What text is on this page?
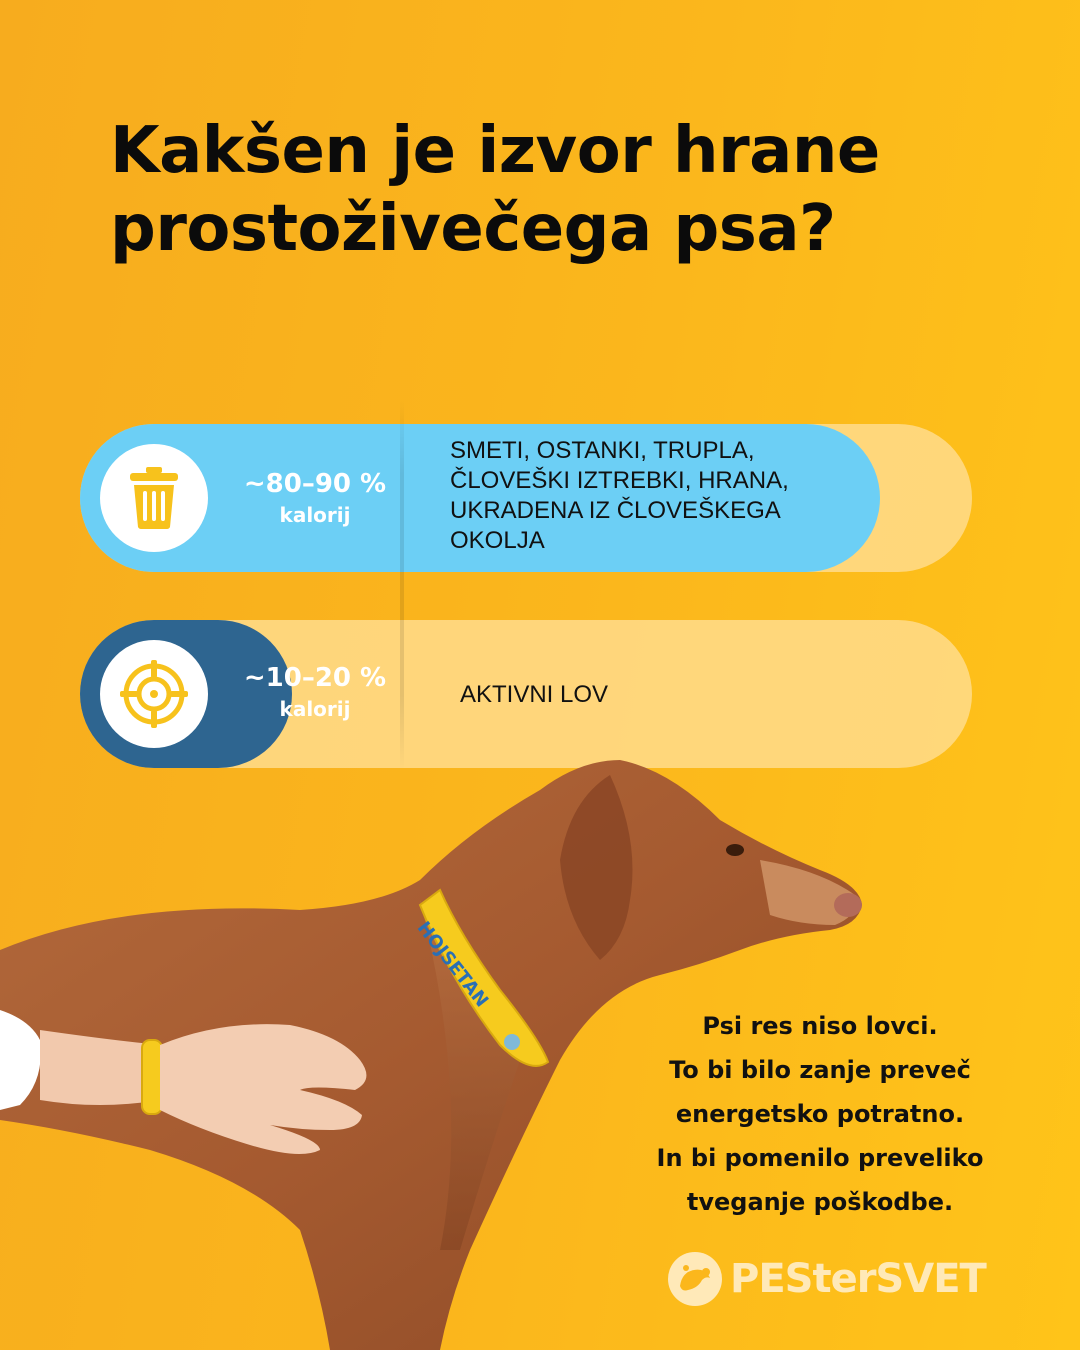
Kakšen je izvor hrane
prostoživečega psa?
~80–90 %
kalorij
SMETI, OSTANKI, TRUPLA,
ČLOVEŠKI IZTREBKI, HRANA,
UKRADENA IZ ČLOVEŠKEGA
OKOLJA
~10–20 %
kalorij
AKTIVNI LOV
HOJSETAN
Psi res niso lovci.
To bi bilo zanje preveč
energetsko potratno.
In bi pomenilo preveliko
tveganje poškodbe.
PESterSVET
